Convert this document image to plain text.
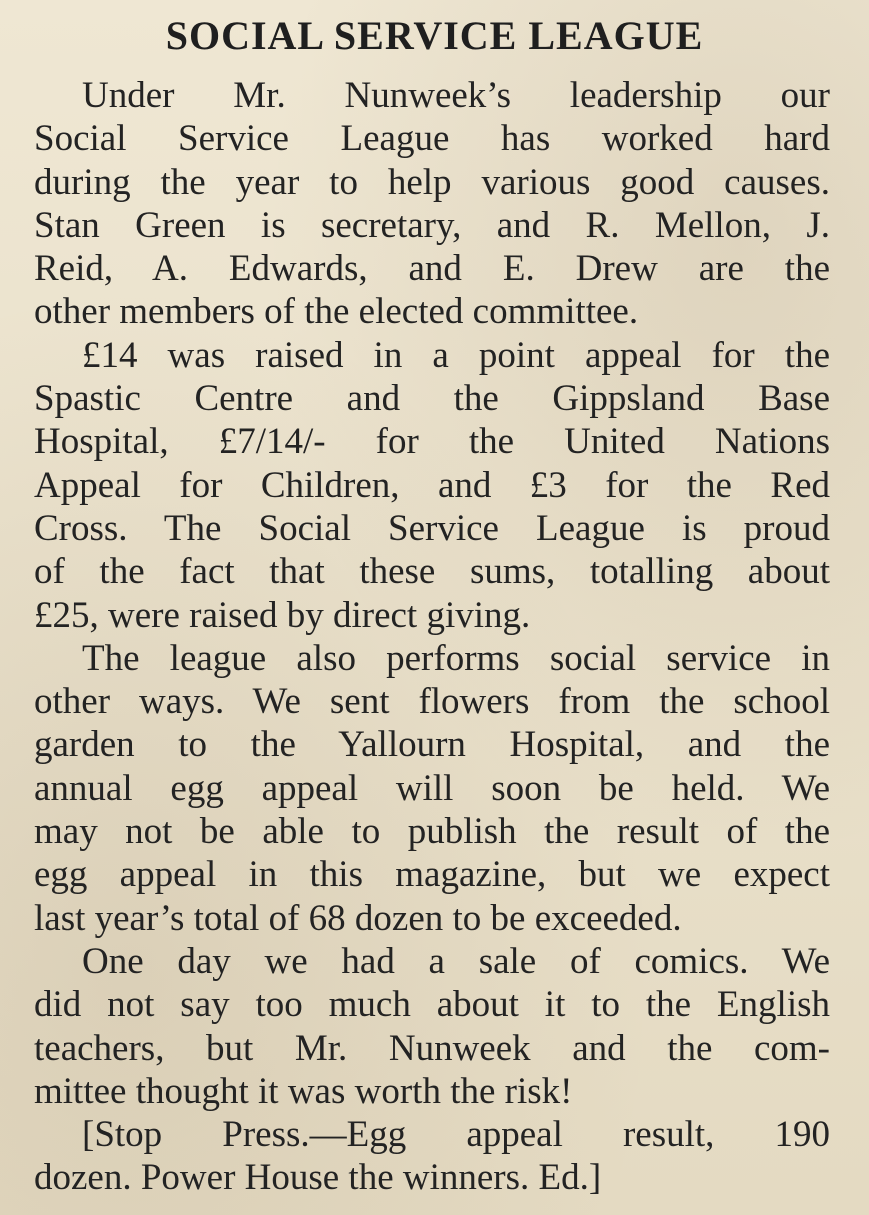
SOCIAL SERVICE LEAGUE
Under Mr. Nunweek’s leadership our
Social Service League has worked hard
during the year to help various good causes.
Stan Green is secretary, and R. Mellon, J.
Reid, A. Edwards, and E. Drew are the
other members of the elected committee.
£14 was raised in a point appeal for the
Spastic Centre and the Gippsland Base
Hospital, £7/14/- for the United Nations
Appeal for Children, and £3 for the Red
Cross. The Social Service League is proud
of the fact that these sums, totalling about
£25, were raised by direct giving.
The league also performs social service in
other ways. We sent flowers from the school
garden to the Yallourn Hospital, and the
annual egg appeal will soon be held. We
may not be able to publish the result of the
egg appeal in this magazine, but we expect
last year’s total of 68 dozen to be exceeded.
One day we had a sale of comics. We
did not say too much about it to the English
teachers, but Mr. Nunweek and the com-
mittee thought it was worth the risk!
[Stop Press.—Egg appeal result, 190
dozen. Power House the winners. Ed.]
